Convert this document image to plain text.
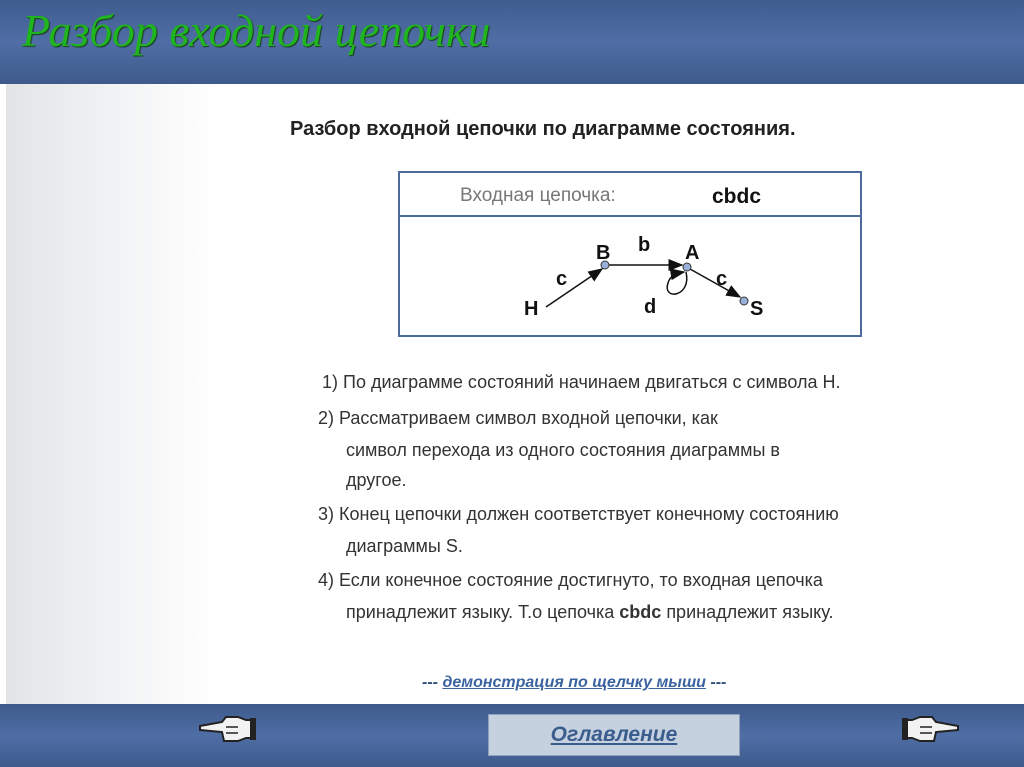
Разбор входной цепочки
Разбор входной цепочки по диаграмме состояния.
Входная цепочка:	cbdc
H
B	A
S
c
b
d
c
1) По диаграмме состояний начинаем двигаться с символа Н.
2) Рассматриваем символ входной цепочки, как
символ перехода из одного состояния диаграммы в
другое.
3) Конец цепочки должен соответствует конечному состоянию
диаграммы S.
4) Если конечное состояние достигнуто, то входная цепочка
принадлежит языку. Т.о цепочка cbdc принадлежит языку.
--- демонстрация по щелчку мыши ---
Оглавление
